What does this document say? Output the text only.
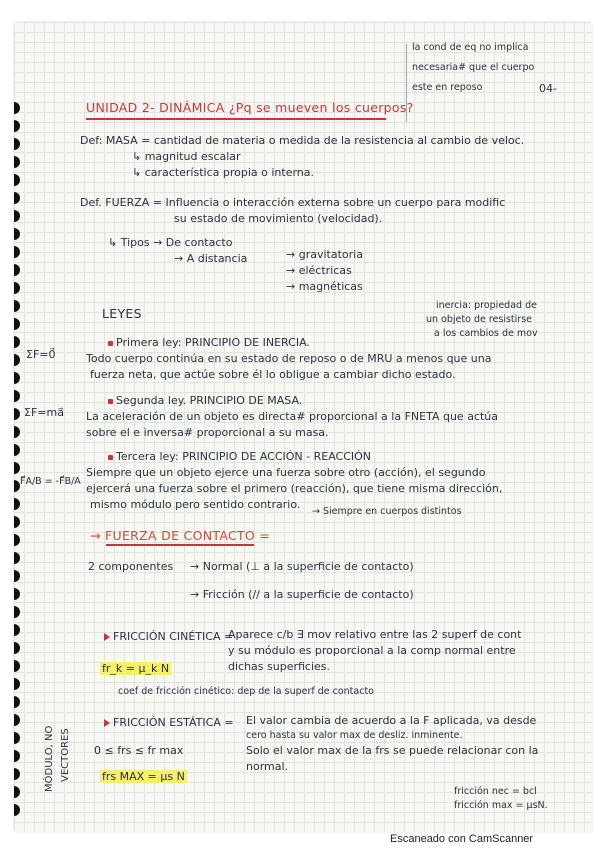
la cond de eq no implica
necesaria# que el cuerpo
este en reposo	04-
UNIDAD 2- DINÁMICA ¿Pq se mueven los cuerpos?
Def: MASA = cantidad de materia o medida de la resistencia al cambio de veloc.
↳ magnitud escalar
↳ característica propia o interna.
Def. FUERZA = Influencia o interacción externa sobre un cuerpo para modific
su estado de movimiento (velocidad).
↳ Tipos → De contacto
→ A distancia	→ gravitatoria
→ eléctricas
→ magnéticas
LEYES
inercia: propiedad de
un objeto de resistirse
a los cambios de mov
ΣF=0⃗
Primera ley: PRINCIPIO DE INERCIA.
Todo cuerpo continúa en su estado de reposo o de MRU a menos que una
fuerza neta, que actúe sobre él lo obligue a cambiar dicho estado.
ΣF=ma⃗
Segunda ley. PRINCIPIO DE MASA.
La aceleración de un objeto es directa# proporcional a la FNETA que actúa
sobre el e inversa# proporcional a su masa.
F⃗A/B = -F⃗B/A
Tercera ley: PRINCIPIO DE ACCIÓN - REACCIÓN
Siempre que un objeto ejerce una fuerza sobre otro (acción), el segundo
ejercerá una fuerza sobre el primero (reacción), que tiene misma dirección,
mismo módulo pero sentido contrario.
→ Siempre en cuerpos distintos
→ FUERZA DE CONTACTO =
2 componentes → Normal (⊥ a la superficie de contacto)
→ Fricción (// a la superficie de contacto)
FRICCIÓN CINÉTICA =
Aparece c/b ∃ mov relativo entre las 2 superf de cont
y su módulo es proporcional a la comp normal entre
dichas superficies.
fr_k = μ_k N
coef de fricción cinético: dep de la superf de contacto
FRICCIÓN ESTÁTICA = El valor cambia de acuerdo a la F aplicada, va desde
cero hasta su valor max de desliz. inminente.
Solo el valor max de la frs se puede relacionar con la
normal.
0 ≤ frs ≤ fr max
frs MAX = μs N
MÓDULO, NO VECTORES
fricción nec = bcl
fricción max = μsN.
Escaneado con CamScanner
